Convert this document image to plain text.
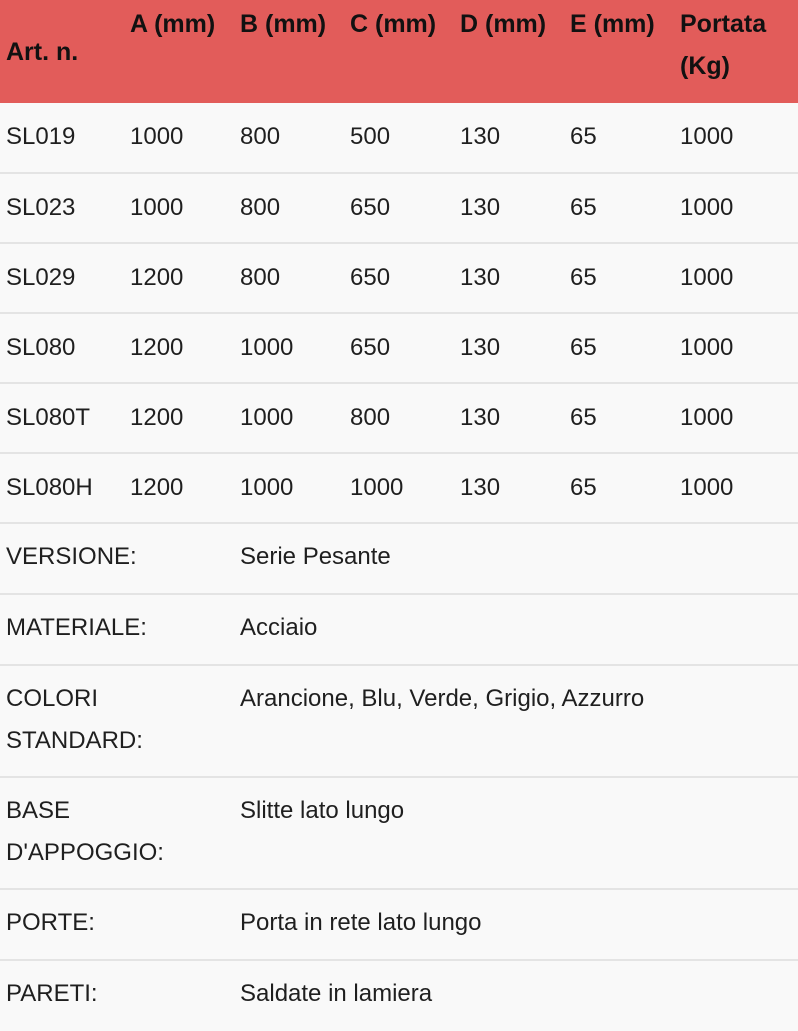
Art. n.	A (mm)	B (mm)	C (mm)	D (mm)	E (mm)	Portata (Kg)
SL019	1000	800	500	130	65	1000
SL023	1000	800	650	130	65	1000
SL029	1200	800	650	130	65	1000
SL080	1200	1000	650	130	65	1000
SL080T	1200	1000	800	130	65	1000
SL080H	1200	1000	1000	130	65	1000
VERSIONE:		Serie Pesante				
MATERIALE:		Acciaio				
COLORI STANDARD:		Arancione, Blu, Verde, Grigio, Azzurro				
BASE D'APPOGGIO:		Slitte lato lungo				
PORTE:		Porta in rete lato lungo				
PARETI:		Saldate in lamiera				
